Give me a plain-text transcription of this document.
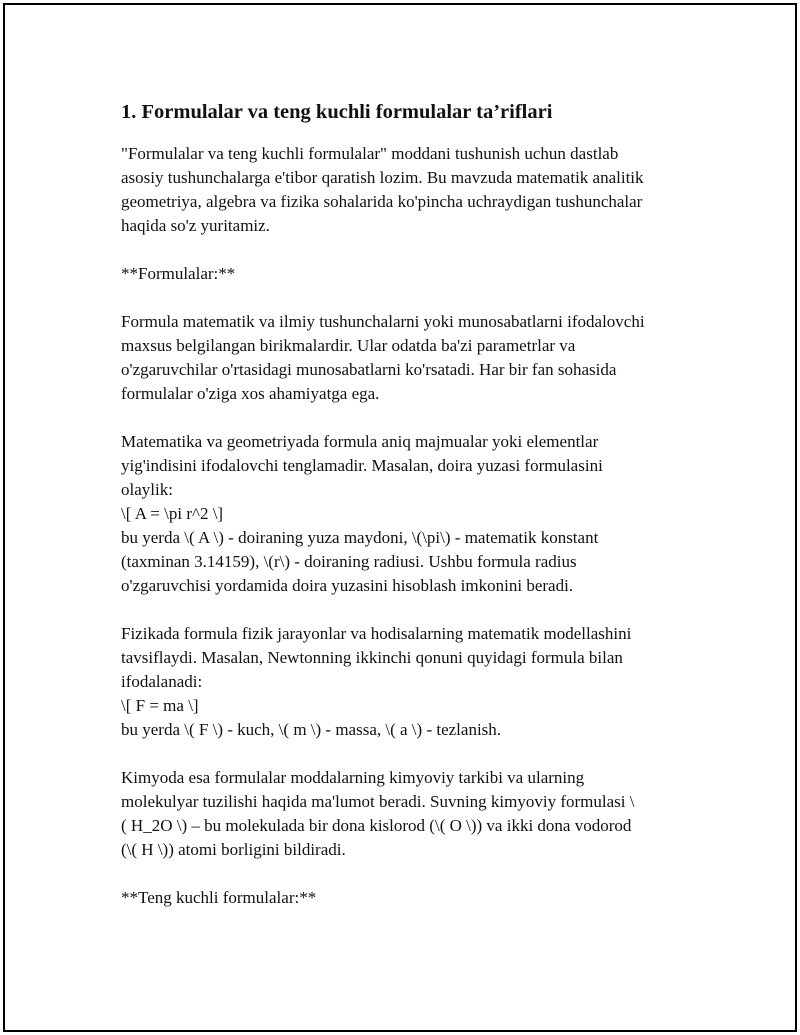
1. Formulalar va teng kuchli formulalar ta’riflari
"Formulalar va teng kuchli formulalar" moddani tushunish uchun dastlab
asosiy tushunchalarga e'tibor qaratish lozim. Bu mavzuda matematik analitik
geometriya, algebra va fizika sohalarida ko'pincha uchraydigan tushunchalar
haqida so'z yuritamiz.
**Formulalar:**
Formula matematik va ilmiy tushunchalarni yoki munosabatlarni ifodalovchi
maxsus belgilangan birikmalardir. Ular odatda ba'zi parametrlar va
o'zgaruvchilar o'rtasidagi munosabatlarni ko'rsatadi. Har bir fan sohasida
formulalar o'ziga xos ahamiyatga ega.
Matematika va geometriyada formula aniq majmualar yoki elementlar
yig'indisini ifodalovchi tenglamadir. Masalan, doira yuzasi formulasini
olaylik:
\[ A = \pi r^2 \]
bu yerda \( A \) - doiraning yuza maydoni, \(\pi\) - matematik konstant
(taxminan 3.14159), \(r\) - doiraning radiusi. Ushbu formula radius
o'zgaruvchisi yordamida doira yuzasini hisoblash imkonini beradi.
Fizikada formula fizik jarayonlar va hodisalarning matematik modellashini
tavsiflaydi. Masalan, Newtonning ikkinchi qonuni quyidagi formula bilan
ifodalanadi:
\[ F = ma \]
bu yerda \( F \) - kuch, \( m \) - massa, \( a \) - tezlanish.
Kimyoda esa formulalar moddalarning kimyoviy tarkibi va ularning
molekulyar tuzilishi haqida ma'lumot beradi. Suvning kimyoviy formulasi \
( H_2O \) – bu molekulada bir dona kislorod (\( O \)) va ikki dona vodorod
(\( H \)) atomi borligini bildiradi.
**Teng kuchli formulalar:**
